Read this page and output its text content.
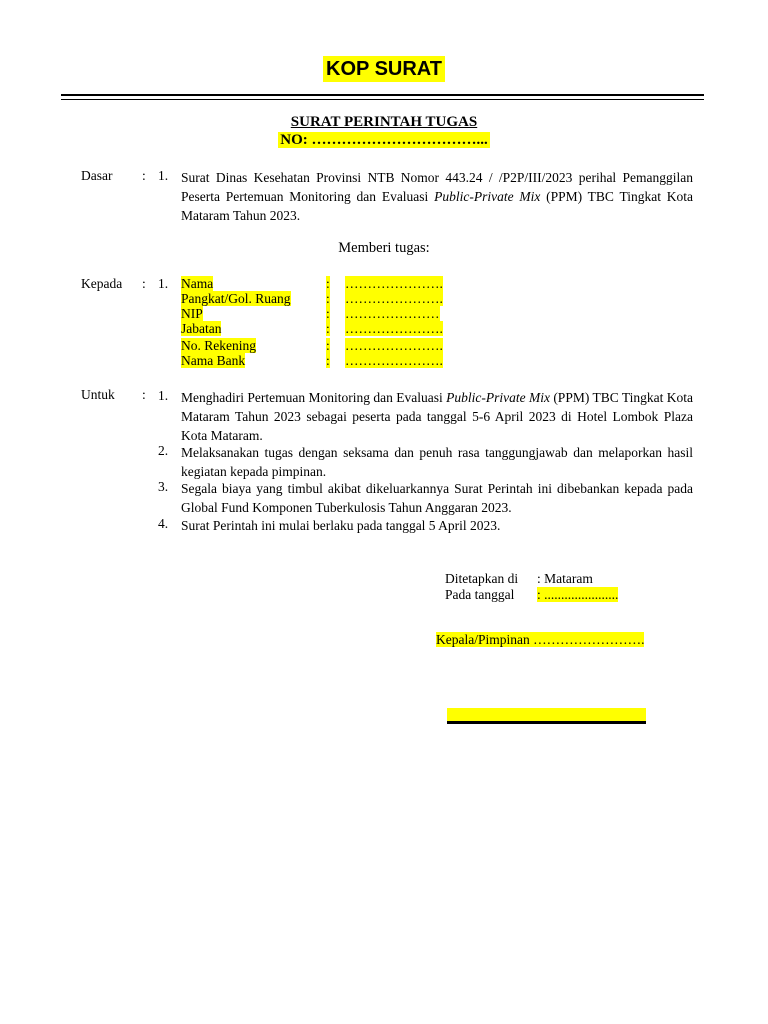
KOP SURAT
SURAT PERINTAH TUGAS
NO: ……………………………...
Dasar : 1. Surat Dinas Kesehatan Provinsi NTB Nomor 443.24 / /P2P/III/2023 perihal Pemanggilan Peserta Pertemuan Monitoring dan Evaluasi Public-Private Mix (PPM) TBC Tingkat Kota Mataram Tahun 2023.
Memberi tugas:
Kepada : 1. Nama	: ………………….
Pangkat/Gol. Ruang	: ………………….
NIP	: …………………
Jabatan	: ………………….
No. Rekening	: ………………….
Nama Bank	: ………………….
Untuk : 1. Menghadiri Pertemuan Monitoring dan Evaluasi Public-Private Mix (PPM) TBC Tingkat Kota Mataram Tahun 2023 sebagai peserta pada tanggal 5-6 April 2023 di Hotel Lombok Plaza Kota Mataram.
2. Melaksanakan tugas dengan seksama dan penuh rasa tanggungjawab dan melaporkan hasil kegiatan kepada pimpinan.
3. Segala biaya yang timbul akibat dikeluarkannya Surat Perintah ini dibebankan kepada pada Global Fund Komponen Tuberkulosis Tahun Anggaran 2023.
4. Surat Perintah ini mulai berlaku pada tanggal 5 April 2023.
Ditetapkan di : Mataram
Pada tanggal : ......................
Kepala/Pimpinan …………………….
